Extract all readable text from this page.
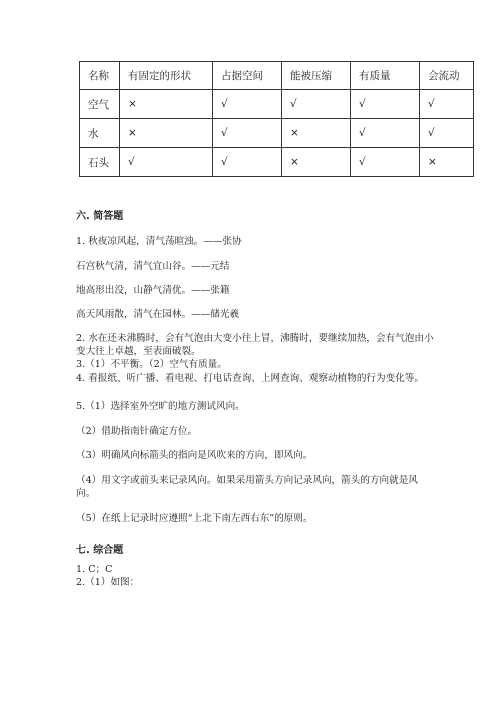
名称	有固定的形状	占据空间	能被压缩	有质量	会流动
空气	×	√	√	√	√
水	×	√	×	√	√
石头	√	√	×	√	×
六. 简答题
1. 秋夜凉风起，清气荡暄浊。——张协
石宫秋气清，清气宜山谷。——元结
地高形出没，山静气清优。——张籍
高天风雨散，清气在园林。——储光羲
2. 水在还未沸腾时，会有气泡由大变小往上冒，沸腾时，要继续加热，会有气泡由小变大往上卓越，至表面破裂。
3.（1）不平衡。（2）空气有质量。
4. 看报纸、听广播、看电视、打电话查询、上网查询、观察动植物的行为变化等。
5.（1）选择室外空旷的地方测试风向。
（2）借助指南针确定方位。
（3）明确风向标箭头的指向是风吹来的方向，即风向。
（4）用文字或前头来记录风向。如果采用箭头方向记录风向，箭头的方向就是风向。
（5）在纸上记录时应遵照“上北下南左西右东”的原则。
七. 综合题
1. C；C
2.（1）如图：
